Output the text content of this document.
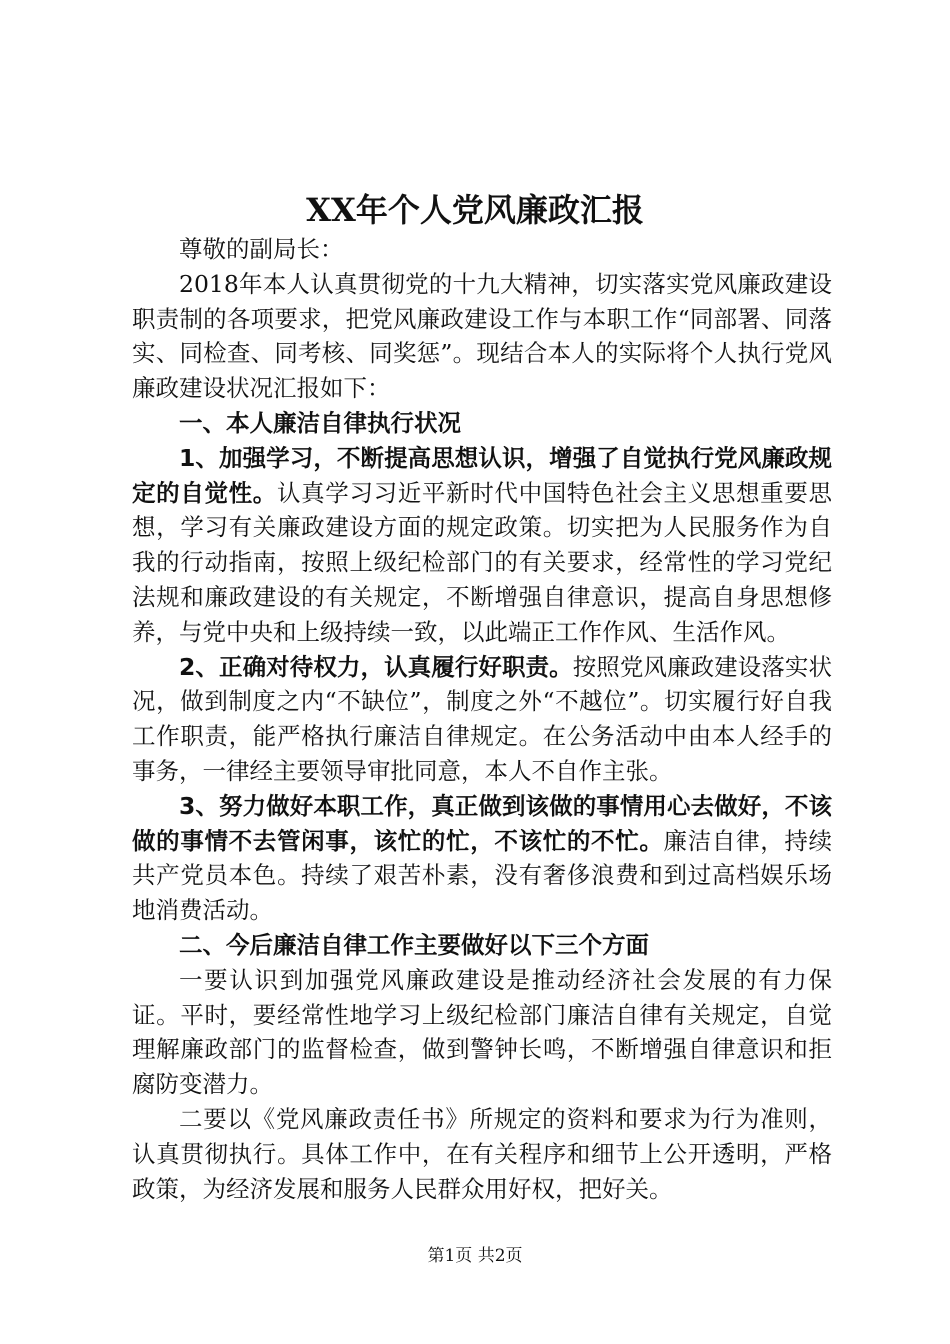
XX年个人党风廉政汇报

尊敬的副局长：

2018年本人认真贯彻党的十九大精神，切实落实党风廉政建设职责制的各项要求，把党风廉政建设工作与本职工作“同部署、同落实、同检查、同考核、同奖惩”。现结合本人的实际将个人执行党风廉政建设状况汇报如下：

一、本人廉洁自律执行状况

1、加强学习，不断提高思想认识，增强了自觉执行党风廉政规定的自觉性。认真学习习近平新时代中国特色社会主义思想重要思想，学习有关廉政建设方面的规定政策。切实把为人民服务作为自我的行动指南，按照上级纪检部门的有关要求，经常性的学习党纪法规和廉政建设的有关规定，不断增强自律意识，提高自身思想修养，与党中央和上级持续一致，以此端正工作作风、生活作风。

2、正确对待权力，认真履行好职责。按照党风廉政建设落实状况，做到制度之内“不缺位”，制度之外“不越位”。切实履行好自我工作职责，能严格执行廉洁自律规定。在公务活动中由本人经手的事务，一律经主要领导审批同意，本人不自作主张。

3、努力做好本职工作，真正做到该做的事情用心去做好，不该做的事情不去管闲事，该忙的忙，不该忙的不忙。廉洁自律，持续共产党员本色。持续了艰苦朴素，没有奢侈浪费和到过高档娱乐场地消费活动。

二、今后廉洁自律工作主要做好以下三个方面

一要认识到加强党风廉政建设是推动经济社会发展的有力保证。平时，要经常性地学习上级纪检部门廉洁自律有关规定，自觉理解廉政部门的监督检查，做到警钟长鸣，不断增强自律意识和拒腐防变潜力。

二要以《党风廉政责任书》所规定的资料和要求为行为准则，认真贯彻执行。具体工作中，在有关程序和细节上公开透明，严格政策，为经济发展和服务人民群众用好权，把好关。

第1页 共2页
